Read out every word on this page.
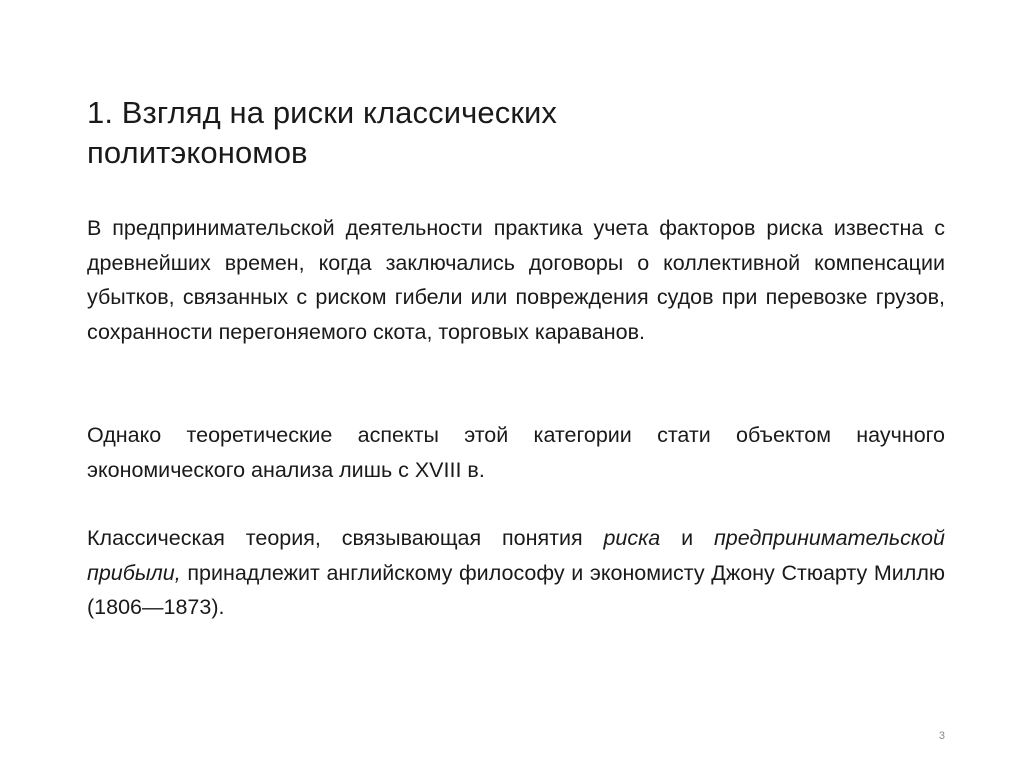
1. Взгляд на риски классических политэкономов
В предпринимательской деятельности практика учета факторов риска известна с древнейших времен, когда заключались договоры о коллективной компенсации убытков, связанных с риском гибели или повреждения судов при перевозке грузов, сохранности перегоняемого скота, торговых караванов.
Однако теоретические аспекты этой категории стати объектом научного экономического анализа лишь с XVIII в.
Классическая теория, связывающая понятия риска и предпринимательской прибыли, принадлежит английскому философу и экономисту Джону Стюарту Миллю (1806—1873).
3
